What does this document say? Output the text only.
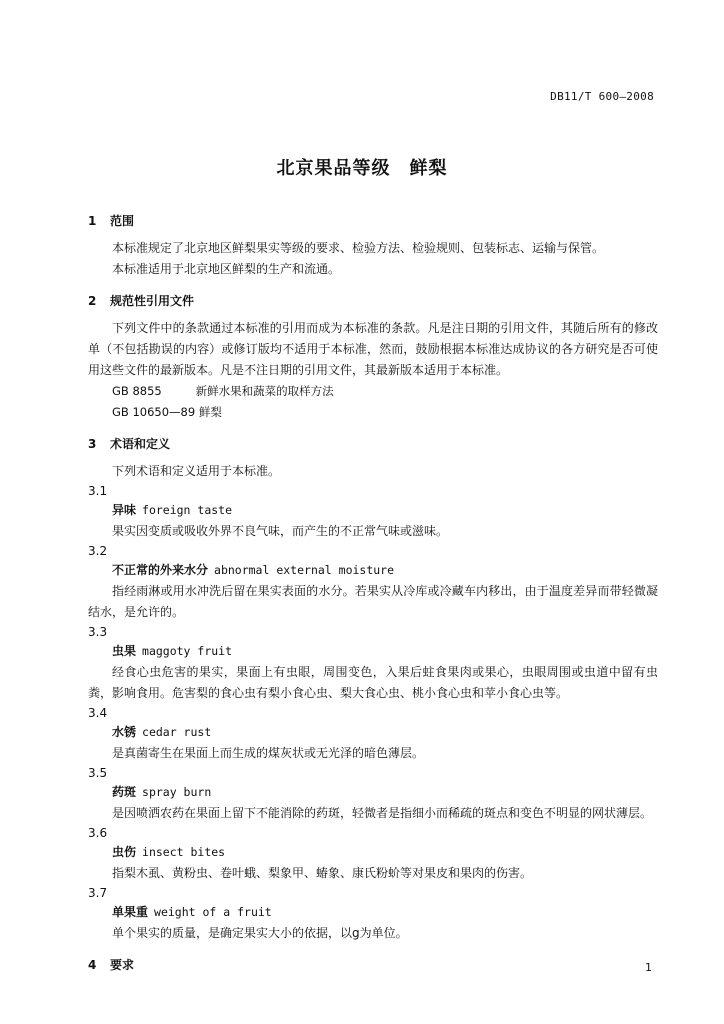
DB11/T 600—2008
北京果品等级　鲜梨
1 范围

本标准规定了北京地区鲜梨果实等级的要求、检验方法、检验规则、包装标志、运输与保管。

本标准适用于北京地区鲜梨的生产和流通。

2 规范性引用文件

下列文件中的条款通过本标准的引用而成为本标准的条款。凡是注日期的引用文件，其随后所有的修改单（不包括勘误的内容）或修订版均不适用于本标准，然而，鼓励根据本标准达成协议的各方研究是否可使用这些文件的最新版本。凡是不注日期的引用文件，其最新版本适用于本标准。

GB 8855	新鲜水果和蔬菜的取样方法
GB 10650—89 鲜梨
3 术语和定义

下列术语和定义适用于本标准。

3.1

异味 foreign taste

果实因变质或吸收外界不良气味，而产生的不正常气味或滋味。

3.2

不正常的外来水分 abnormal external moisture

指经雨淋或用水冲洗后留在果实表面的水分。若果实从冷库或冷藏车内移出，由于温度差异而带轻微凝结水，是允许的。

3.3

虫果 maggoty fruit

经食心虫危害的果实，果面上有虫眼，周围变色，入果后蛀食果肉或果心，虫眼周围或虫道中留有虫粪，影响食用。危害梨的食心虫有梨小食心虫、梨大食心虫、桃小食心虫和苹小食心虫等。

3.4

水锈 cedar rust

是真菌寄生在果面上而生成的煤灰状或无光泽的暗色薄层。

3.5

药斑 spray burn

是因喷洒农药在果面上留下不能消除的药斑，轻微者是指细小而稀疏的斑点和变色不明显的网状薄层。

3.6

虫伤 insect bites

指梨木虱、黄粉虫、卷叶蛾、梨象甲、蝽象、康氏粉蚧等对果皮和果肉的伤害。

3.7

单果重 weight of a fruit

单个果实的质量，是确定果实大小的依据，以g为单位。

4 要求	1
